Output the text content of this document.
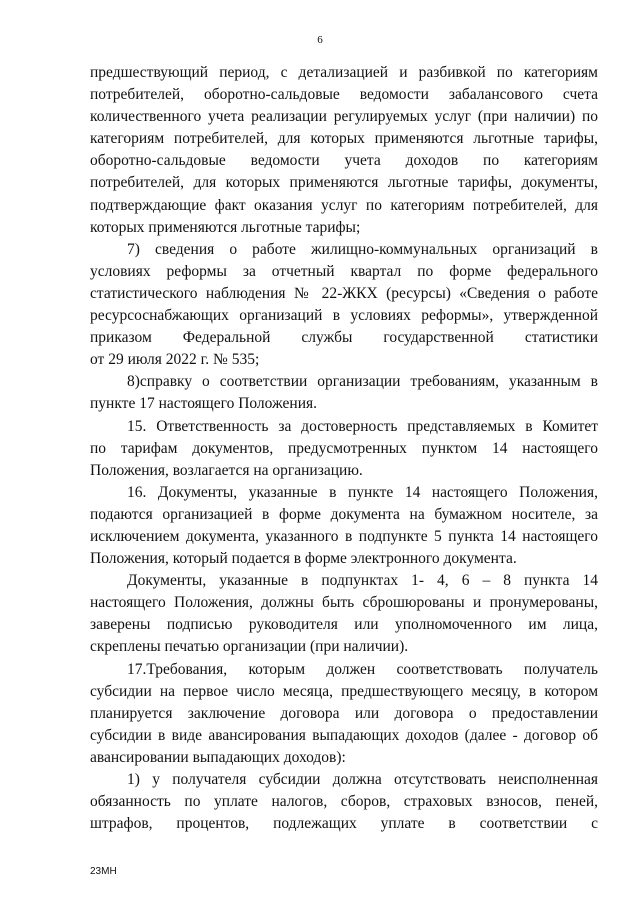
6
предшествующий период, с детализацией и разбивкой по категориям
потребителей, оборотно-сальдовые ведомости забалансового счета
количественного учета реализации регулируемых услуг (при наличии) по
категориям потребителей, для которых применяются льготные тарифы,
оборотно-сальдовые ведомости учета доходов по категориям
потребителей, для которых применяются льготные тарифы, документы,
подтверждающие факт оказания услуг по категориям потребителей, для
которых применяются льготные тарифы;
7) сведения о работе жилищно-коммунальных организаций в
условиях реформы за отчетный квартал по форме федерального
статистического наблюдения № 22-ЖКХ (ресурсы) «Сведения о работе
ресурсоснабжающих организаций в условиях реформы», утвержденной
приказом Федеральной службы государственной статистики
от 29 июля 2022 г. № 535;
8)справку о соответствии организации требованиям, указанным в
пункте 17 настоящего Положения.
15. Ответственность за достоверность представляемых в Комитет
по тарифам документов, предусмотренных пунктом 14 настоящего
Положения, возлагается на организацию.
16. Документы, указанные в пункте 14 настоящего Положения,
подаются организацией в форме документа на бумажном носителе, за
исключением документа, указанного в подпункте 5 пункта 14 настоящего
Положения, который подается в форме электронного документа.
Документы, указанные в подпунктах 1- 4, 6 – 8 пункта 14
настоящего Положения, должны быть сброшюрованы и пронумерованы,
заверены подписью руководителя или уполномоченного им лица,
скреплены печатью организации (при наличии).
17.Требования, которым должен соответствовать получатель
субсидии на первое число месяца, предшествующего месяцу, в котором
планируется заключение договора или договора о предоставлении
субсидии в виде авансирования выпадающих доходов (далее - договор об
авансировании выпадающих доходов):
1) у получателя субсидии должна отсутствовать неисполненная
обязанность по уплате налогов, сборов, страховых взносов, пеней,
штрафов, процентов, подлежащих уплате в соответствии с
23МН
